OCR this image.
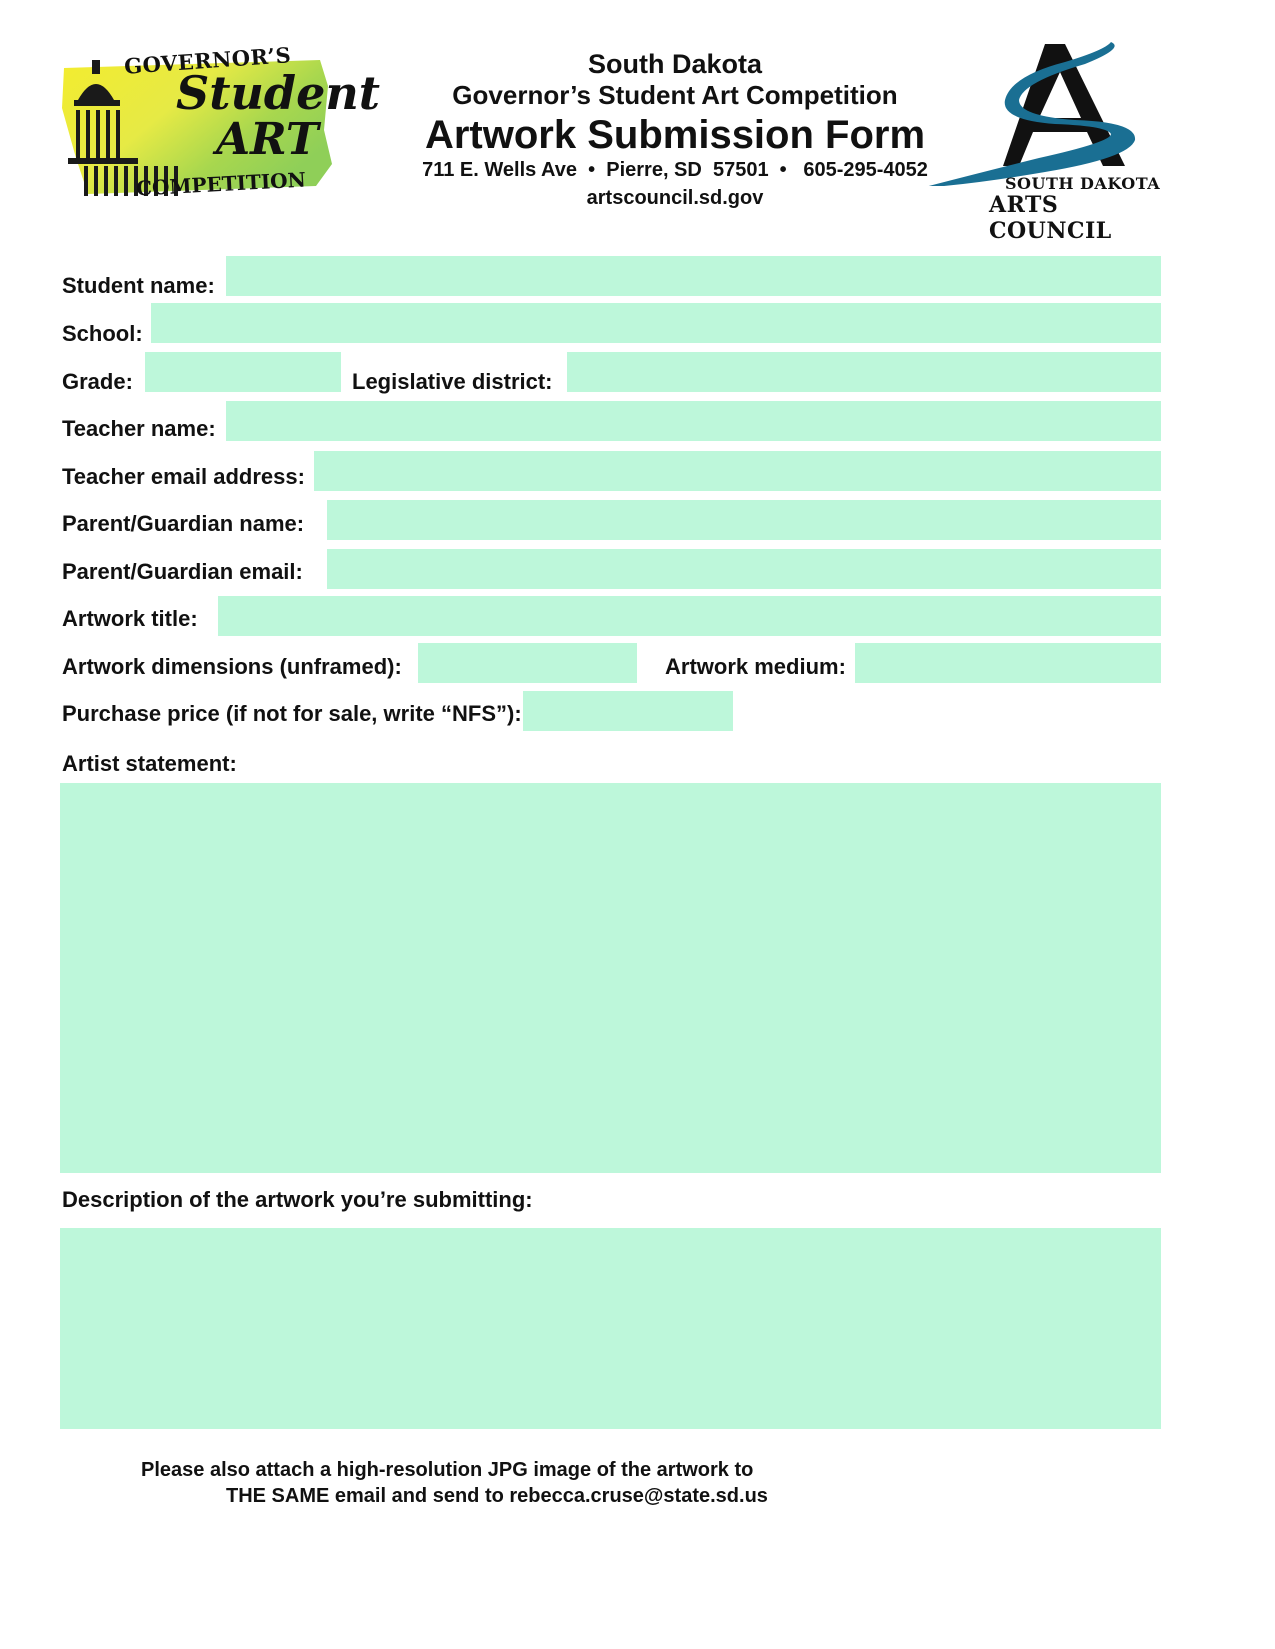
GOVERNOR’S
Student
ART
COMPETITION
South Dakota
Governor’s Student Art Competition
Artwork Submission Form
711 E. Wells Ave  •  Pierre, SD  57501  •   605-295-4052
artscouncil.sd.gov
SOUTH DAKOTA
ARTS COUNCIL
Student name:
School:
Grade:	Legislative district:
Teacher name:
Teacher email address:
Parent/Guardian name:
Parent/Guardian email:
Artwork title:
Artwork dimensions (unframed):	Artwork medium:
Purchase price (if not for sale, write “NFS”):
Artist statement:
Description of the artwork you’re submitting:
Please also attach a high-resolution JPG image of the artwork to
THE SAME email and send to rebecca.cruse@state.sd.us
